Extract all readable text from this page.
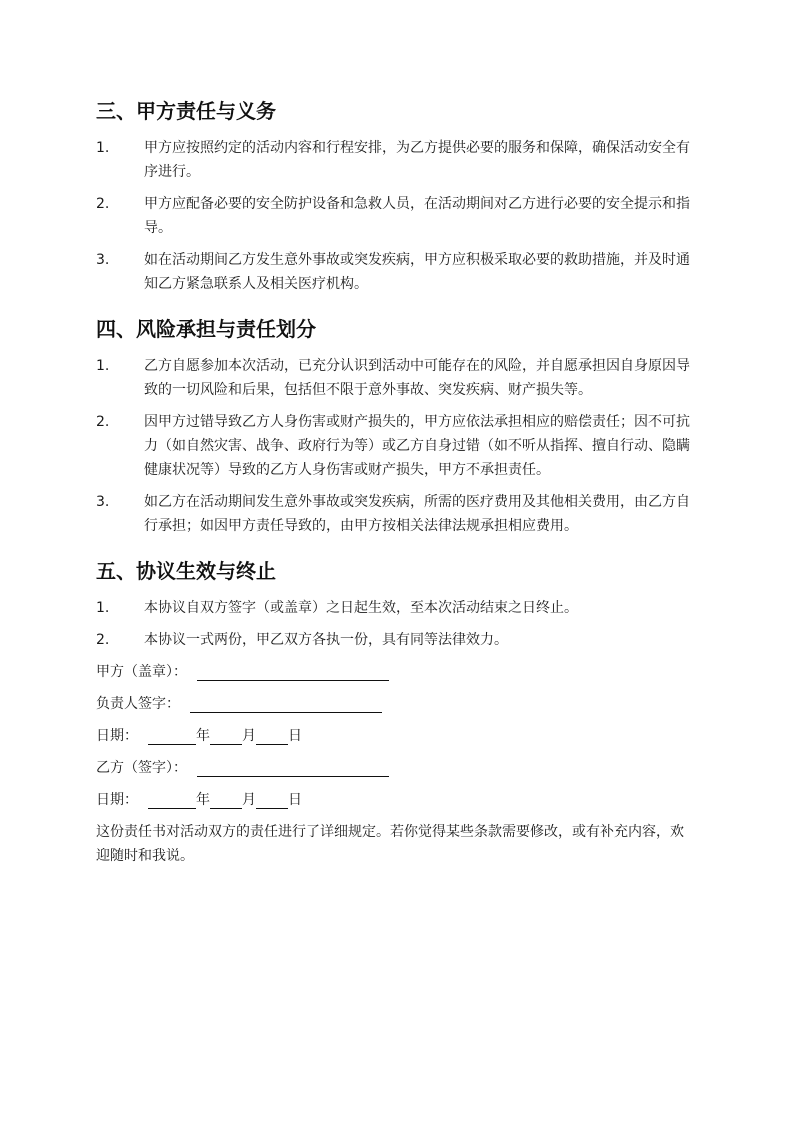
三、甲方责任与义务
1.	甲方应按照约定的活动内容和行程安排，为乙方提供必要的服务和保障，确保活动安全有序进行。
2.	甲方应配备必要的安全防护设备和急救人员，在活动期间对乙方进行必要的安全提示和指导。
3.	如在活动期间乙方发生意外事故或突发疾病，甲方应积极采取必要的救助措施，并及时通知乙方紧急联系人及相关医疗机构。
四、风险承担与责任划分
1.	乙方自愿参加本次活动，已充分认识到活动中可能存在的风险，并自愿承担因自身原因导致的一切风险和后果，包括但不限于意外事故、突发疾病、财产损失等。
2.	因甲方过错导致乙方人身伤害或财产损失的，甲方应依法承担相应的赔偿责任；因不可抗力（如自然灾害、战争、政府行为等）或乙方自身过错（如不听从指挥、擅自行动、隐瞒健康状况等）导致的乙方人身伤害或财产损失，甲方不承担责任。
3.	如乙方在活动期间发生意外事故或突发疾病，所需的医疗费用及其他相关费用，由乙方自行承担；如因甲方责任导致的，由甲方按相关法律法规承担相应费用。
五、协议生效与终止
1.	本协议自双方签字（或盖章）之日起生效，至本次活动结束之日终止。
2.	本协议一式两份，甲乙双方各执一份，具有同等法律效力。
甲方（盖章）：
负责人签字：
日期：	年 月 日
乙方（签字）：
日期：	年 月 日
这份责任书对活动双方的责任进行了详细规定。若你觉得某些条款需要修改，或有补充内容，欢迎随时和我说。
